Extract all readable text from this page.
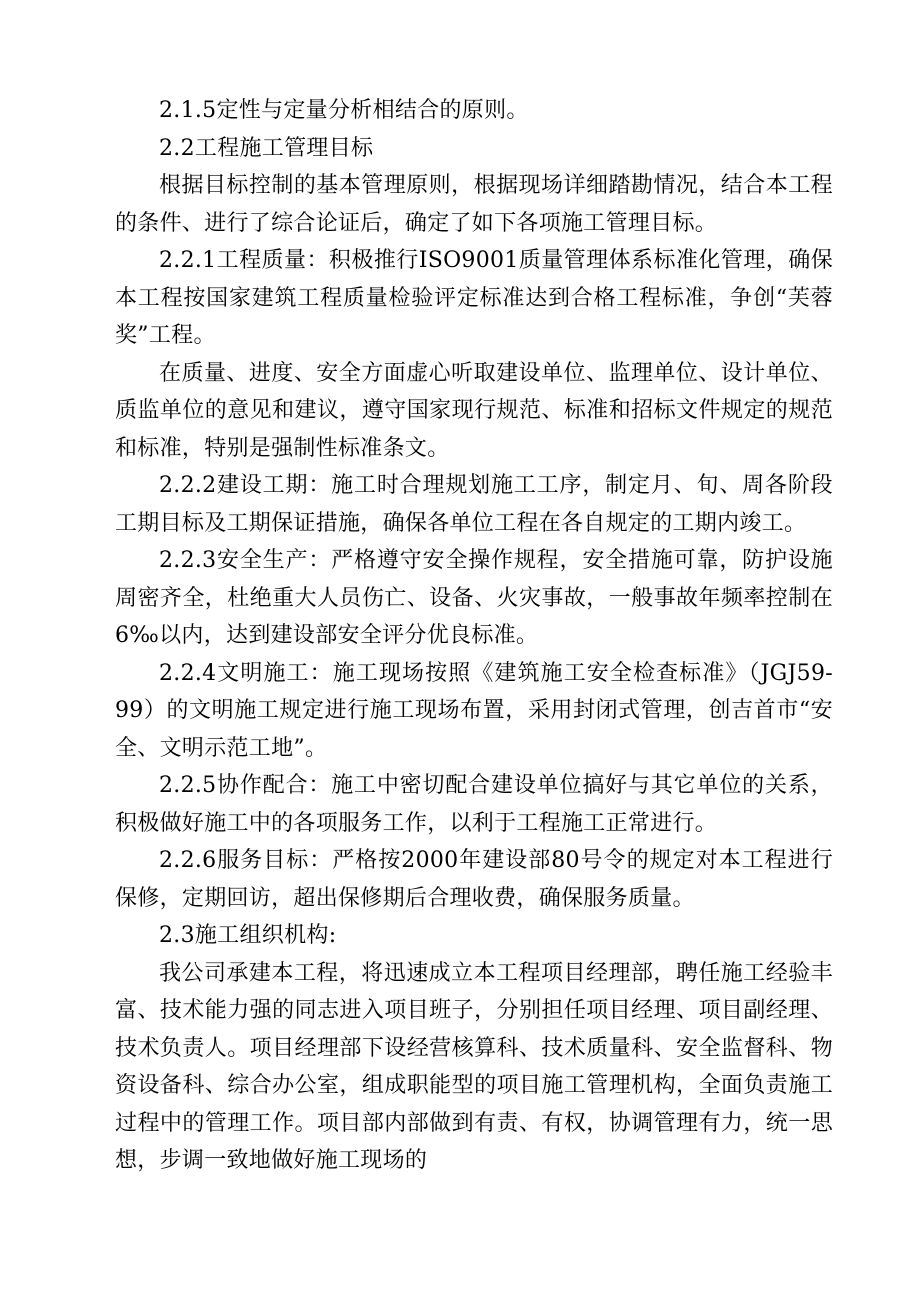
2.1.5定性与定量分析相结合的原则。

2.2工程施工管理目标

根据目标控制的基本管理原则，根据现场详细踏勘情况，结合本工程的条件、进行了综合论证后，确定了如下各项施工管理目标。

2.2.1工程质量：积极推行ISO9001质量管理体系标准化管理，确保本工程按国家建筑工程质量检验评定标准达到合格工程标准，争创“芙蓉奖”工程。

在质量、进度、安全方面虚心听取建设单位、监理单位、设计单位、质监单位的意见和建议，遵守国家现行规范、标准和招标文件规定的规范和标准，特别是强制性标准条文。

2.2.2建设工期：施工时合理规划施工工序，制定月、旬、周各阶段工期目标及工期保证措施，确保各单位工程在各自规定的工期内竣工。

2.2.3安全生产：严格遵守安全操作规程，安全措施可靠，防护设施周密齐全，杜绝重大人员伤亡、设备、火灾事故，一般事故年频率控制在6‰以内，达到建设部安全评分优良标准。

2.2.4文明施工：施工现场按照《建筑施工安全检查标准》（JGJ59-99）的文明施工规定进行施工现场布置，采用封闭式管理，创吉首市“安全、文明示范工地”。

2.2.5协作配合：施工中密切配合建设单位搞好与其它单位的关系，积极做好施工中的各项服务工作，以利于工程施工正常进行。

2.2.6服务目标：严格按2000年建设部80号令的规定对本工程进行保修，定期回访，超出保修期后合理收费，确保服务质量。

2.3施工组织机构:

我公司承建本工程，将迅速成立本工程项目经理部，聘任施工经验丰富、技术能力强的同志进入项目班子，分别担任项目经理、项目副经理、技术负责人。项目经理部下设经营核算科、技术质量科、安全监督科、物资设备科、综合办公室，组成职能型的项目施工管理机构，全面负责施工过程中的管理工作。项目部内部做到有责、有权，协调管理有力，统一思想，步调一致地做好施工现场的
